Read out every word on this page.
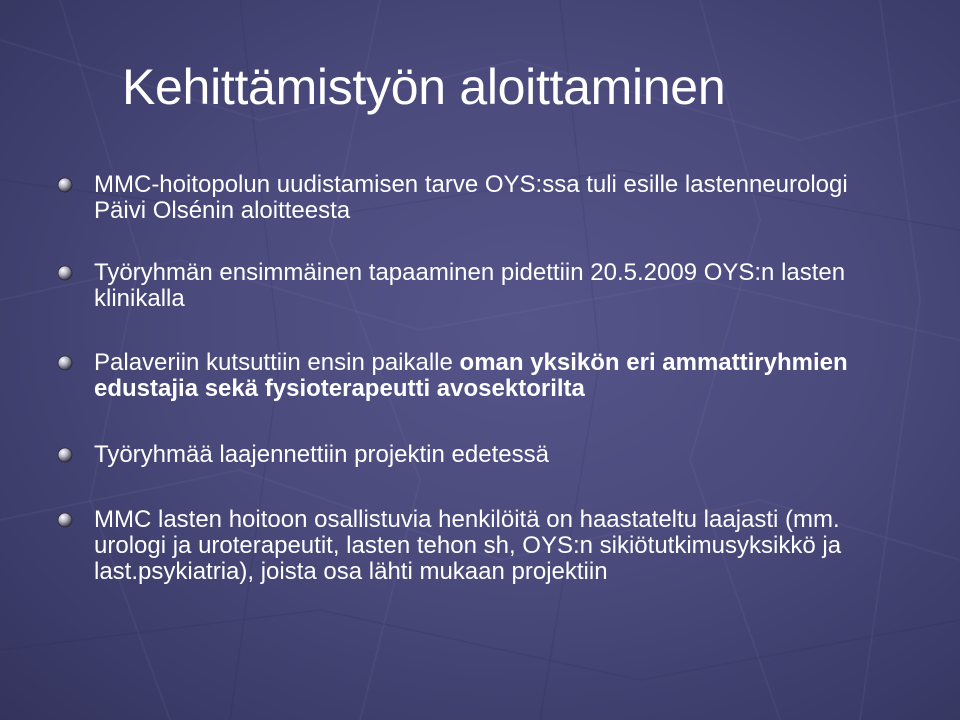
Kehittämistyön aloittaminen
MMC-hoitopolun uudistamisen tarve OYS:ssa tuli esille lastenneurologi Päivi Olsénin aloitteesta
Työryhmän ensimmäinen tapaaminen pidettiin 20.5.2009 OYS:n lasten klinikalla
Palaveriin kutsuttiin ensin paikalle oman yksikön eri ammattiryhmien edustajia sekä fysioterapeutti avosektorilta
Työryhmää laajennettiin projektin edetessä
MMC lasten hoitoon osallistuvia henkilöitä on haastateltu laajasti (mm. urologi ja uroterapeutit, lasten tehon sh, OYS:n sikiötutkimusyksikkö ja last.psykiatria), joista osa lähti mukaan projektiin
